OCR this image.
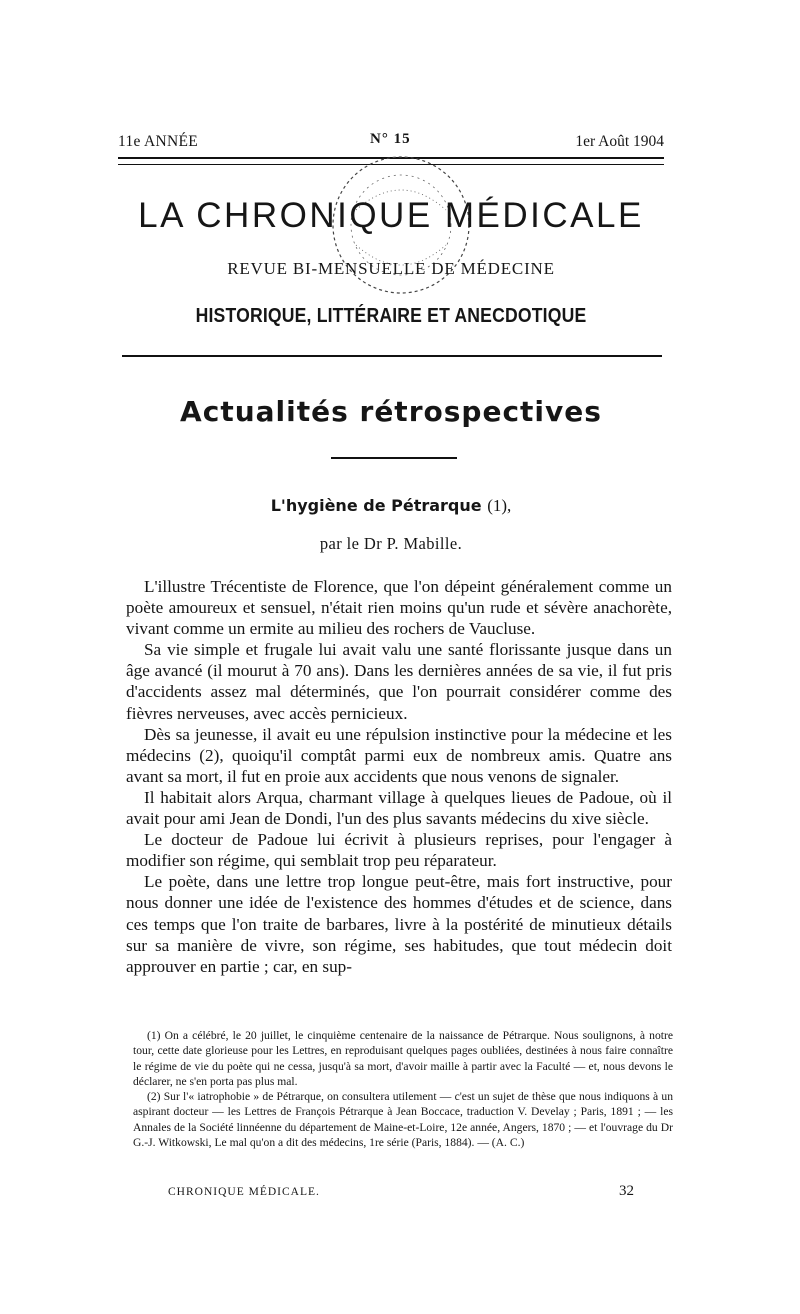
11e ANNÉE	N° 15	1er Août 1904
LA CHRONIQUE MÉDICALE
REVUE BI-MENSUELLE DE MÉDECINE
HISTORIQUE, LITTÉRAIRE ET ANECDOTIQUE
Actualités rétrospectives
L'hygiène de Pétrarque (1),
par le Dr P. Mabille.

L'illustre Trécentiste de Florence, que l'on dépeint généralement comme un poète amoureux et sensuel, n'était rien moins qu'un rude et sévère anachorète, vivant comme un ermite au milieu des rochers de Vaucluse.

Sa vie simple et frugale lui avait valu une santé florissante jusque dans un âge avancé (il mourut à 70 ans). Dans les dernières années de sa vie, il fut pris d'accidents assez mal déterminés, que l'on pourrait considérer comme des fièvres nerveuses, avec accès pernicieux.

Dès sa jeunesse, il avait eu une répulsion instinctive pour la médecine et les médecins (2), quoiqu'il comptât parmi eux de nombreux amis. Quatre ans avant sa mort, il fut en proie aux accidents que nous venons de signaler.

Il habitait alors Arqua, charmant village à quelques lieues de Padoue, où il avait pour ami Jean de Dondi, l'un des plus savants médecins du xive siècle.

Le docteur de Padoue lui écrivit à plusieurs reprises, pour l'engager à modifier son régime, qui semblait trop peu réparateur.

Le poète, dans une lettre trop longue peut-être, mais fort instructive, pour nous donner une idée de l'existence des hommes d'études et de science, dans ces temps que l'on traite de barbares, livre à la postérité de minutieux détails sur sa manière de vivre, son régime, ses habitudes, que tout médecin doit approuver en partie ; car, en sup-

(1) On a célébré, le 20 juillet, le cinquième centenaire de la naissance de Pétrarque. Nous soulignons, à notre tour, cette date glorieuse pour les Lettres, en reproduisant quelques pages oubliées, destinées à nous faire connaître le régime de vie du poète qui ne cessa, jusqu'à sa mort, d'avoir maille à partir avec la Faculté — et, nous devons le déclarer, ne s'en porta pas plus mal.

(2) Sur l'« iatrophobie » de Pétrarque, on consultera utilement — c'est un sujet de thèse que nous indiquons à un aspirant docteur — les Lettres de François Pétrarque à Jean Boccace, traduction V. Develay ; Paris, 1891 ; — les Annales de la Société linnéenne du département de Maine-et-Loire, 12e année, Angers, 1870 ; — et l'ouvrage du Dr G.-J. Witkowski, Le mal qu'on a dit des médecins, 1re série (Paris, 1884). — (A. C.)

CHRONIQUE MÉDICALE.	32
